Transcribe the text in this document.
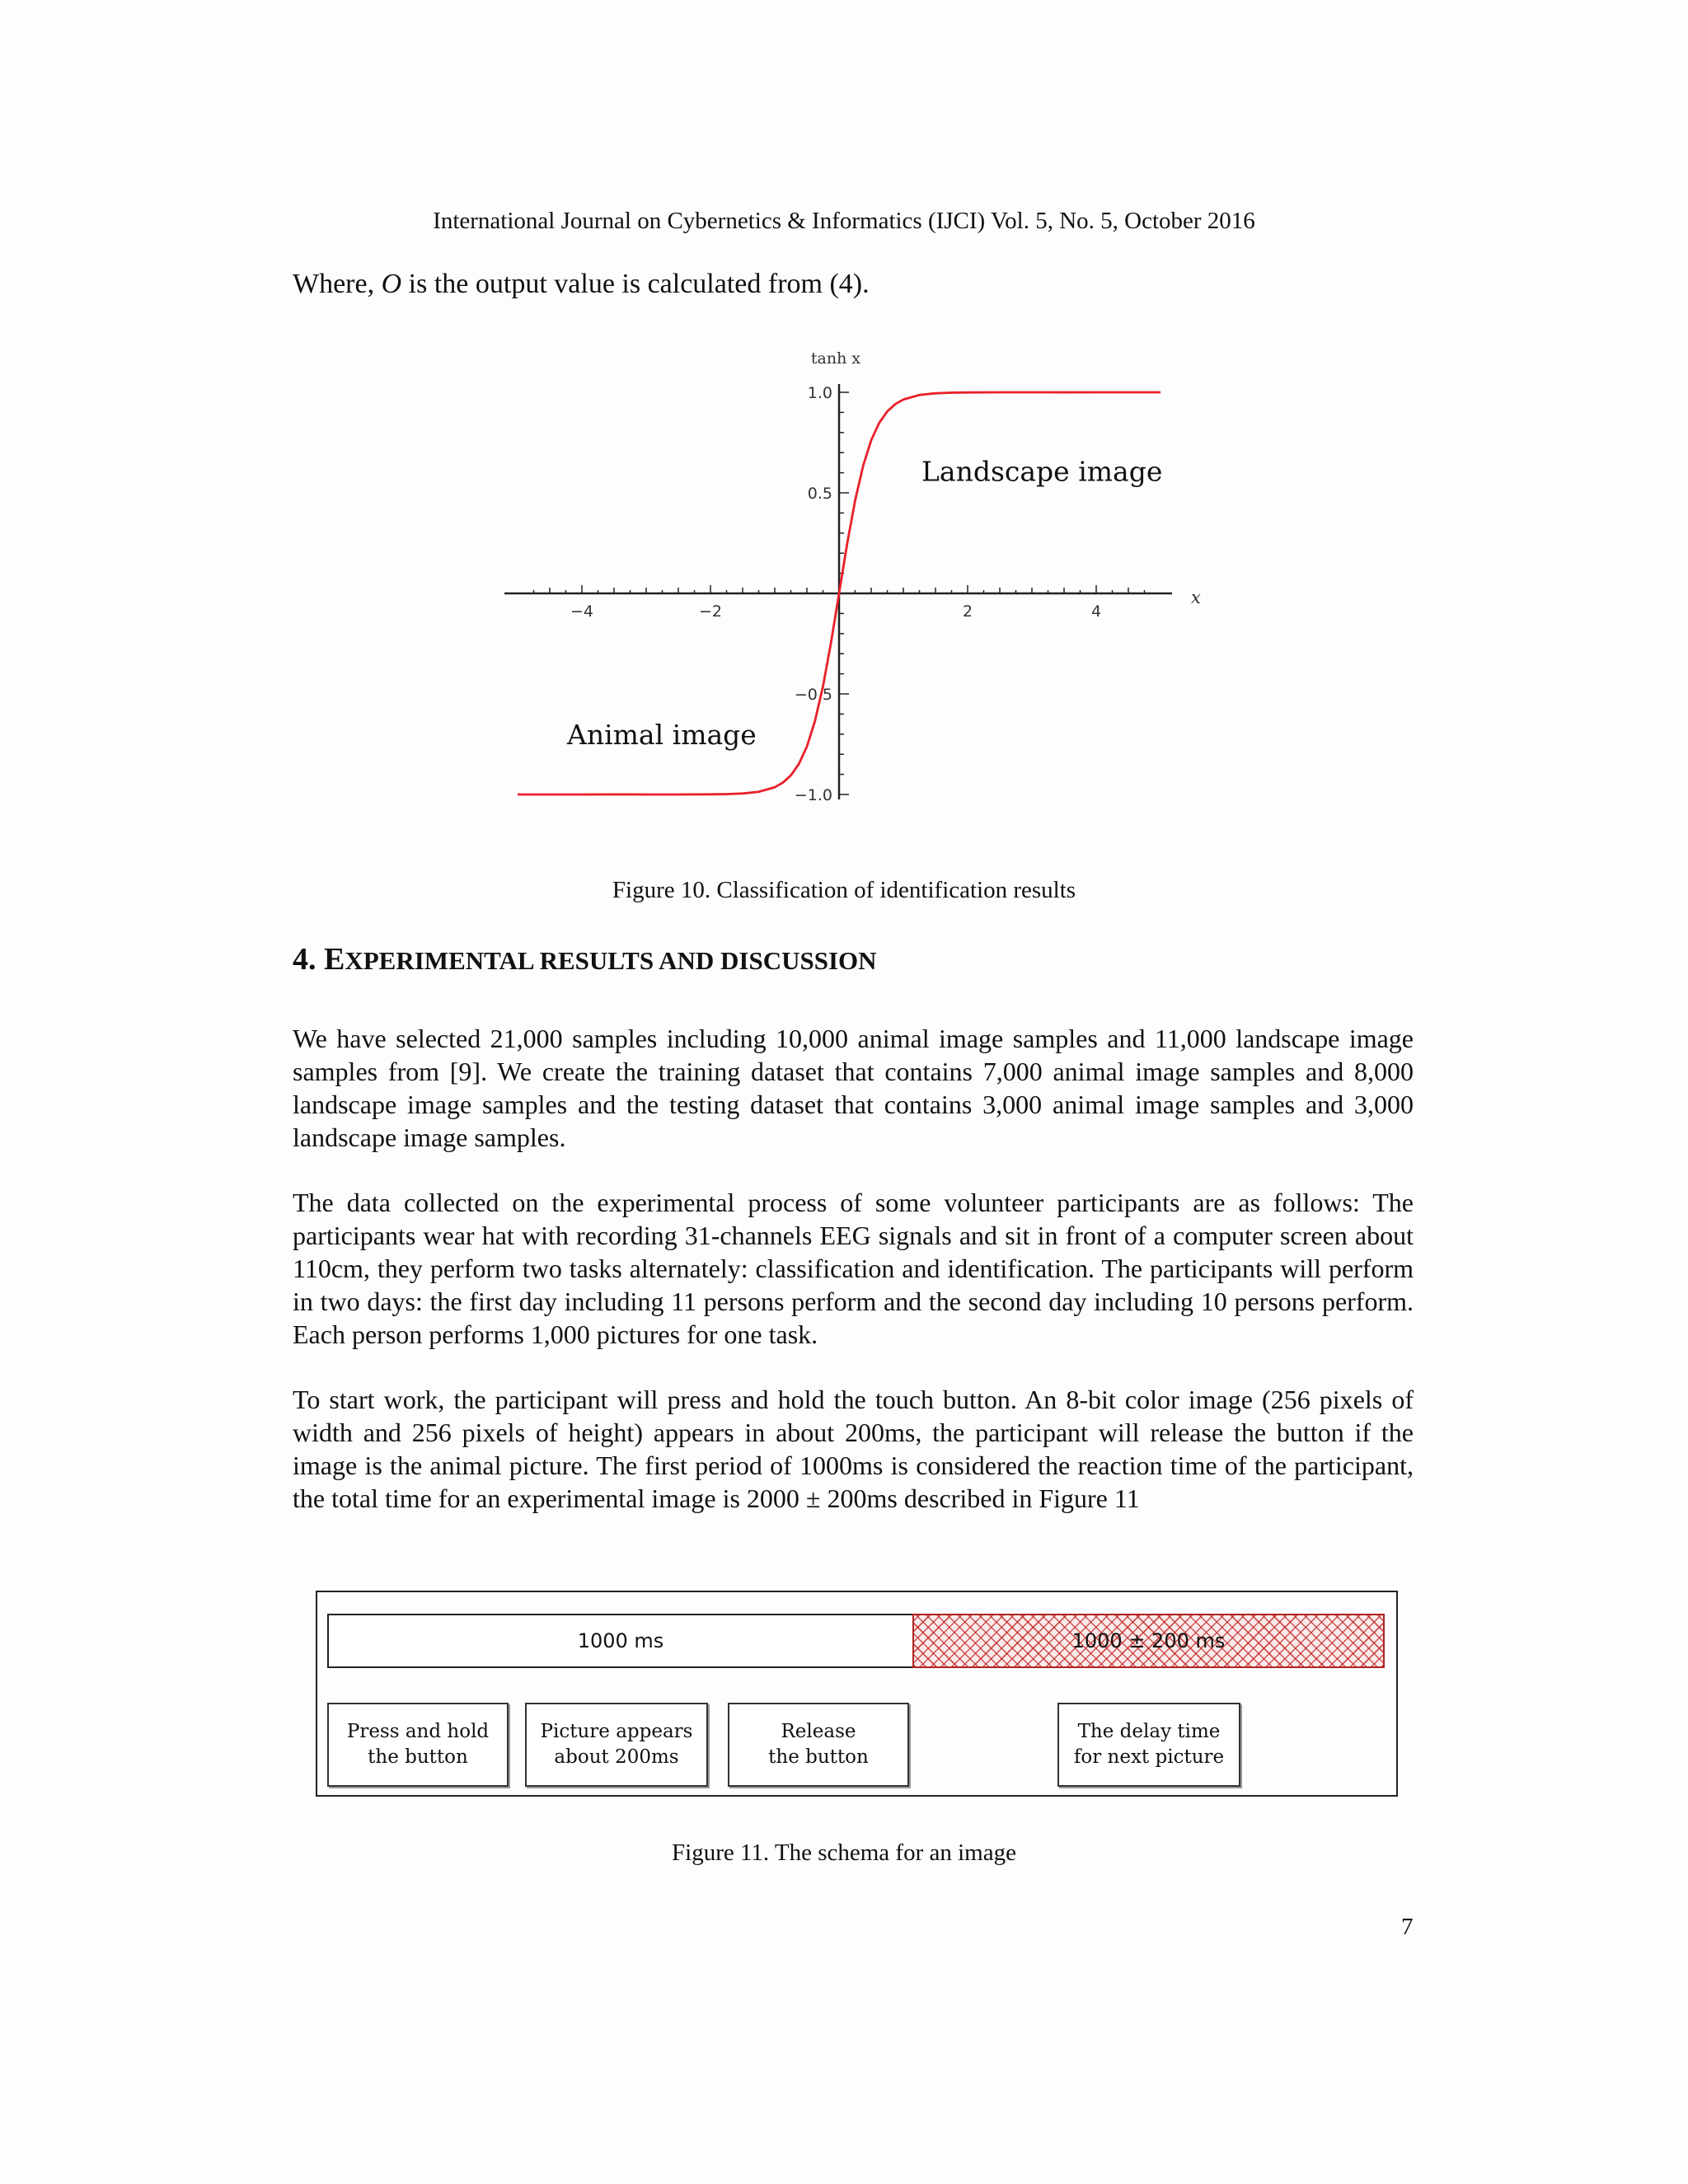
International Journal on Cybernetics & Informatics (IJCI) Vol. 5, No. 5, October 2016
Where, O is the output value is calculated from (4).
−4	−2	2	4
1.0
0.5
−0.5
−1.0
x
tanh x
Landscape image
Animal image
Figure 10. Classification of identification results
4. EXPERIMENTAL RESULTS AND DISCUSSION
We have selected 21,000 samples including 10,000 animal image samples and 11,000 landscape image samples from [9]. We create the training dataset that contains 7,000 animal image samples and 8,000 landscape image samples and the testing dataset that contains 3,000 animal image samples and 3,000 landscape image samples.
The data collected on the experimental process of some volunteer participants are as follows: The participants wear hat with recording 31-channels EEG signals and sit in front of a computer screen about 110cm, they perform two tasks alternately: classification and identification. The participants will perform in two days: the first day including 11 persons perform and the second day including 10 persons perform. Each person performs 1,000 pictures for one task.
To start work, the participant will press and hold the touch button. An 8-bit color image (256 pixels of width and 256 pixels of height) appears in about 200ms, the participant will release the button if the image is the animal picture. The first period of 1000ms is considered the reaction time of the participant, the total time for an experimental image is 2000 ± 200ms described in Figure 11
1000 ms	1000 ± 200 ms
Press and hold
the button
Picture appears
about 200ms
Release
the button
The delay time
for next picture
Figure 11. The schema for an image
7
